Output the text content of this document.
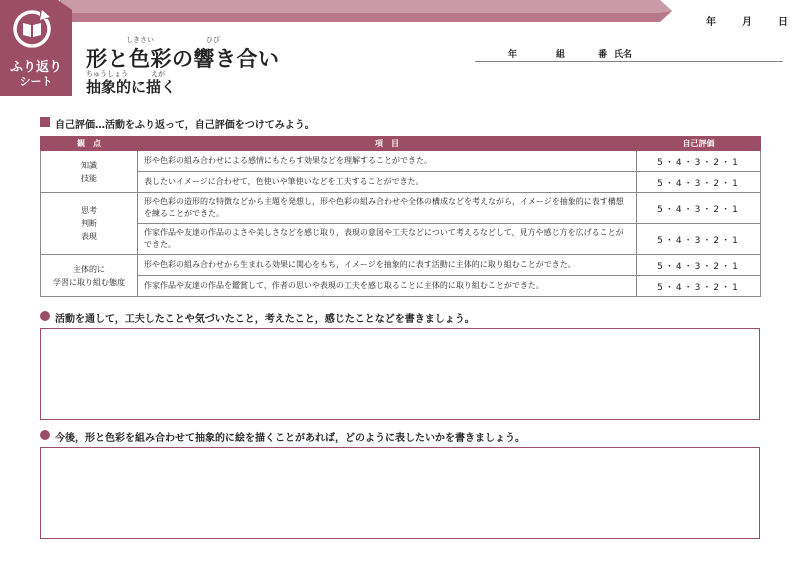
ふり返り
シート
年	月	日
しきさい	ひび
形と色彩の響き合い
ちゅうしょう	えが
抽象的に描く
年	組	番 氏名
自己評価…活動をふり返って，自己評価をつけてみよう。
観　点	項　目	自己評価

知識
技能	形や色彩の組み合わせによる感情にもたらす効果などを理解することができた。	5・4・3・2・1
	表したいイメージに合わせて，色使いや筆使いなどを工夫することができた。	5・4・3・2・1

思考
判断
表現	形や色彩の造形的な特徴などから主題を発想し，形や色彩の組み合わせや全体の構成などを考えながら，イメージを抽象的に表す構想を練ることができた。	5・4・3・2・1
	作家作品や友達の作品のよさや美しさなどを感じ取り，表現の意図や工夫などについて考えるなどして，見方や感じ方を広げることができた。	5・4・3・2・1

主体的に
学習に取り組む態度	形や色彩の組み合わせから生まれる効果に関心をもち，イメージを抽象的に表す活動に主体的に取り組むことができた。	5・4・3・2・1
	作家作品や友達の作品を鑑賞して，作者の思いや表現の工夫を感じ取ることに主体的に取り組むことができた。	5・4・3・2・1
活動を通して，工夫したことや気づいたこと，考えたこと，感じたことなどを書きましょう。
今後，形と色彩を組み合わせて抽象的に絵を描くことがあれば，どのように表したいかを書きましょう。
